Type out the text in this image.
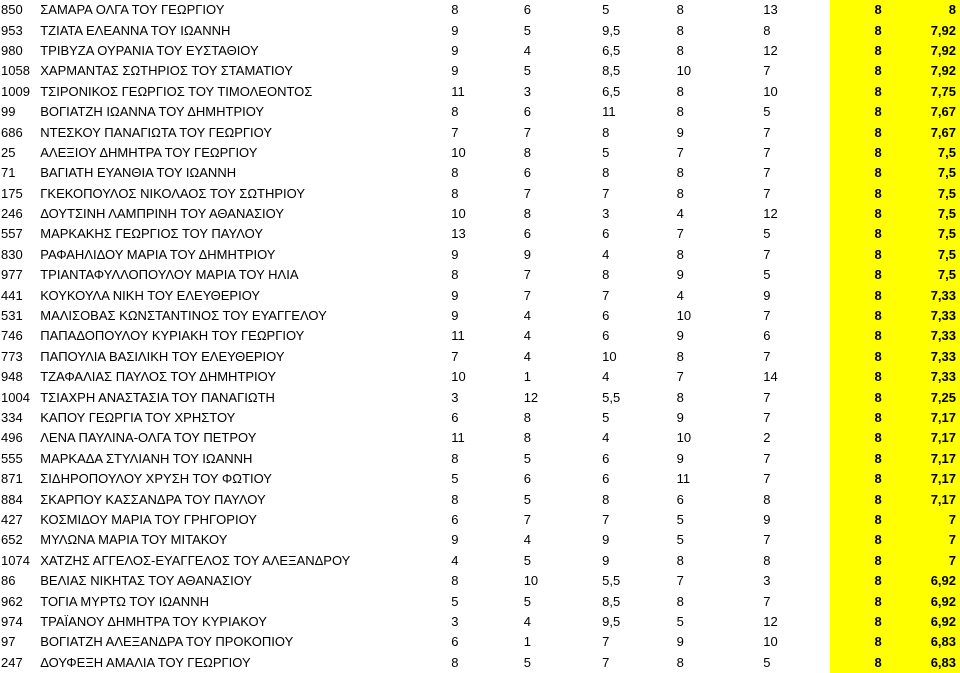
850	ΣΑΜΑΡΑ ΟΛΓΑ ΤΟΥ ΓΕΩΡΓΙΟΥ	8	6	5	8	13	8	8
953	ΤΖΙΑΤΑ ΕΛΕΑΝΝΑ ΤΟΥ ΙΩΑΝΝΗ	9	5	9,5	8	8	8	7,92
980	ΤΡΙΒΥΖΑ ΟΥΡΑΝΙΑ ΤΟΥ ΕΥΣΤΑΘΙΟΥ	9	4	6,5	8	12	8	7,92
1058	ΧΑΡΜΑΝΤΑΣ ΣΩΤΗΡΙΟΣ ΤΟΥ ΣΤΑΜΑΤΙΟΥ	9	5	8,5	10	7	8	7,92
1009	ΤΣΙΡΟΝΙΚΟΣ ΓΕΩΡΓΙΟΣ ΤΟΥ ΤΙΜΟΛΕΟΝΤΟΣ	11	3	6,5	8	10	8	7,75
99	ΒΟΓΙΑΤΖΗ ΙΩΑΝΝΑ ΤΟΥ ΔΗΜΗΤΡΙΟΥ	8	6	11	8	5	8	7,67
686	ΝΤΕΣΚΟΥ ΠΑΝΑΓΙΩΤΑ ΤΟΥ ΓΕΩΡΓΙΟΥ	7	7	8	9	7	8	7,67
25	ΑΛΕΞΙΟΥ ΔΗΜΗΤΡΑ ΤΟΥ ΓΕΩΡΓΙΟΥ	10	8	5	7	7	8	7,5
71	ΒΑΓΙΑΤΗ ΕΥΑΝΘΙΑ ΤΟΥ ΙΩΑΝΝΗ	8	6	8	8	7	8	7,5
175	ΓΚΕΚΟΠΟΥΛΟΣ ΝΙΚΟΛΑΟΣ ΤΟΥ ΣΩΤΗΡΙΟΥ	8	7	7	8	7	8	7,5
246	ΔΟΥΤΣΙΝΗ ΛΑΜΠΡΙΝΗ ΤΟΥ ΑΘΑΝΑΣΙΟΥ	10	8	3	4	12	8	7,5
557	ΜΑΡΚΑΚΗΣ ΓΕΩΡΓΙΟΣ ΤΟΥ ΠΑΥΛΟΥ	13	6	6	7	5	8	7,5
830	ΡΑΦΑΗΛΙΔΟΥ ΜΑΡΙΑ ΤΟΥ ΔΗΜΗΤΡΙΟΥ	9	9	4	8	7	8	7,5
977	ΤΡΙΑΝΤΑΦΥΛΛΟΠΟΥΛΟΥ ΜΑΡΙΑ ΤΟΥ ΗΛΙΑ	8	7	8	9	5	8	7,5
441	ΚΟΥΚΟΥΛΑ ΝΙΚΗ ΤΟΥ ΕΛΕΥΘΕΡΙΟΥ	9	7	7	4	9	8	7,33
531	ΜΑΛΙΣΟΒΑΣ ΚΩΝΣΤΑΝΤΙΝΟΣ ΤΟΥ ΕΥΑΓΓΕΛΟΥ	9	4	6	10	7	8	7,33
746	ΠΑΠΑΔΟΠΟΥΛΟΥ ΚΥΡΙΑΚΗ ΤΟΥ ΓΕΩΡΓΙΟΥ	11	4	6	9	6	8	7,33
773	ΠΑΠΟΥΛΙΑ ΒΑΣΙΛΙΚΗ ΤΟΥ ΕΛΕΥΘΕΡΙΟΥ	7	4	10	8	7	8	7,33
948	ΤΖΑΦΑΛΙΑΣ ΠΑΥΛΟΣ ΤΟΥ ΔΗΜΗΤΡΙΟΥ	10	1	4	7	14	8	7,33
1004	ΤΣΙΑΧΡΗ ΑΝΑΣΤΑΣΙΑ ΤΟΥ ΠΑΝΑΓΙΩΤΗ	3	12	5,5	8	7	8	7,25
334	ΚΑΠΟΥ ΓΕΩΡΓΙΑ ΤΟΥ ΧΡΗΣΤΟΥ	6	8	5	9	7	8	7,17
496	ΛΕΝΑ ΠΑΥΛΙΝΑ-ΟΛΓΑ ΤΟΥ ΠΕΤΡΟΥ	11	8	4	10	2	8	7,17
555	ΜΑΡΚΑΔΑ ΣΤΥΛΙΑΝΗ ΤΟΥ ΙΩΑΝΝΗ	8	5	6	9	7	8	7,17
871	ΣΙΔΗΡΟΠΟΥΛΟΥ ΧΡΥΣΗ ΤΟΥ ΦΩΤΙΟΥ	5	6	6	11	7	8	7,17
884	ΣΚΑΡΠΟΥ ΚΑΣΣΑΝΔΡΑ ΤΟΥ ΠΑΥΛΟΥ	8	5	8	6	8	8	7,17
427	ΚΟΣΜΙΔΟΥ ΜΑΡΙΑ ΤΟΥ ΓΡΗΓΟΡΙΟΥ	6	7	7	5	9	8	7
652	ΜΥΛΩΝΑ ΜΑΡΙΑ ΤΟΥ ΜΙΤΑΚΟΥ	9	4	9	5	7	8	7
1074	ΧΑΤΖΗΣ ΑΓΓΕΛΟΣ-ΕΥΑΓΓΕΛΟΣ ΤΟΥ ΑΛΕΞΑΝΔΡΟΥ	4	5	9	8	8	8	7
86	ΒΕΛΙΑΣ ΝΙΚΗΤΑΣ ΤΟΥ ΑΘΑΝΑΣΙΟΥ	8	10	5,5	7	3	8	6,92
962	ΤΟΓΙΑ ΜΥΡΤΩ ΤΟΥ ΙΩΑΝΝΗ	5	5	8,5	8	7	8	6,92
974	ΤΡΑΪΑΝΟΥ ΔΗΜΗΤΡΑ ΤΟΥ ΚΥΡΙΑΚΟΥ	3	4	9,5	5	12	8	6,92
97	ΒΟΓΙΑΤΖΗ ΑΛΕΞΑΝΔΡΑ ΤΟΥ ΠΡΟΚΟΠΙΟΥ	6	1	7	9	10	8	6,83
247	ΔΟΥΦΕΞΗ ΑΜΑΛΙΑ ΤΟΥ ΓΕΩΡΓΙΟΥ	8	5	7	8	5	8	6,83
